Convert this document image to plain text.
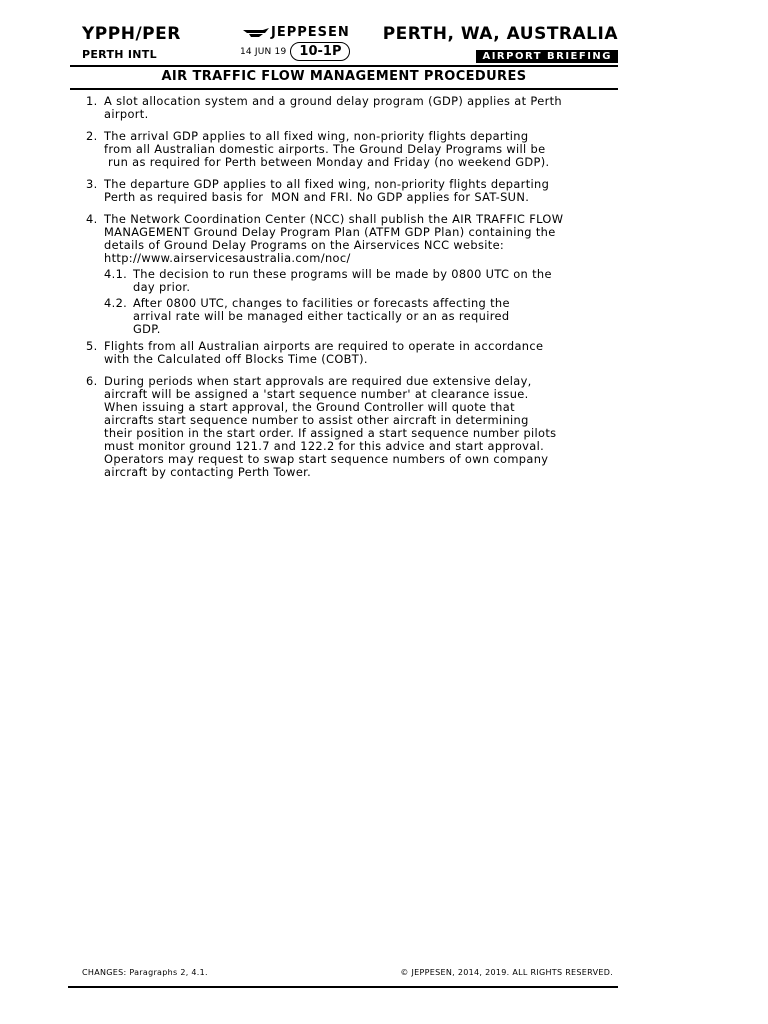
YPPH/PER
PERTH INTL
JEPPESEN
14 JUN 19	10-1P
PERTH, WA, AUSTRALIA
AIRPORT BRIEFING
AIR TRAFFIC FLOW MANAGEMENT PROCEDURES
1. A slot allocation system and a ground delay program (GDP) applies at Perth
airport.
2. The arrival GDP applies to all fixed wing, non-priority flights departing
from all Australian domestic airports. The Ground Delay Programs will be
run as required for Perth between Monday and Friday (no weekend GDP).
3. The departure GDP applies to all fixed wing, non-priority flights departing
Perth as required basis for  MON and FRI. No GDP applies for SAT-SUN.
4. The Network Coordination Center (NCC) shall publish the AIR TRAFFIC FLOW
MANAGEMENT Ground Delay Program Plan (ATFM GDP Plan) containing the
details of Ground Delay Programs on the Airservices NCC website:
http://www.airservicesaustralia.com/noc/
4.1. The decision to run these programs will be made by 0800 UTC on the
day prior.
4.2. After 0800 UTC, changes to facilities or forecasts affecting the
arrival rate will be managed either tactically or an as required
GDP.
5. Flights from all Australian airports are required to operate in accordance
with the Calculated off Blocks Time (COBT).
6. During periods when start approvals are required due extensive delay,
aircraft will be assigned a 'start sequence number' at clearance issue.
When issuing a start approval, the Ground Controller will quote that
aircrafts start sequence number to assist other aircraft in determining
their position in the start order. If assigned a start sequence number pilots
must monitor ground 121.7 and 122.2 for this advice and start approval.
Operators may request to swap start sequence numbers of own company
aircraft by contacting Perth Tower.
CHANGES: Paragraphs 2, 4.1.	© JEPPESEN, 2014, 2019. ALL RIGHTS RESERVED.
